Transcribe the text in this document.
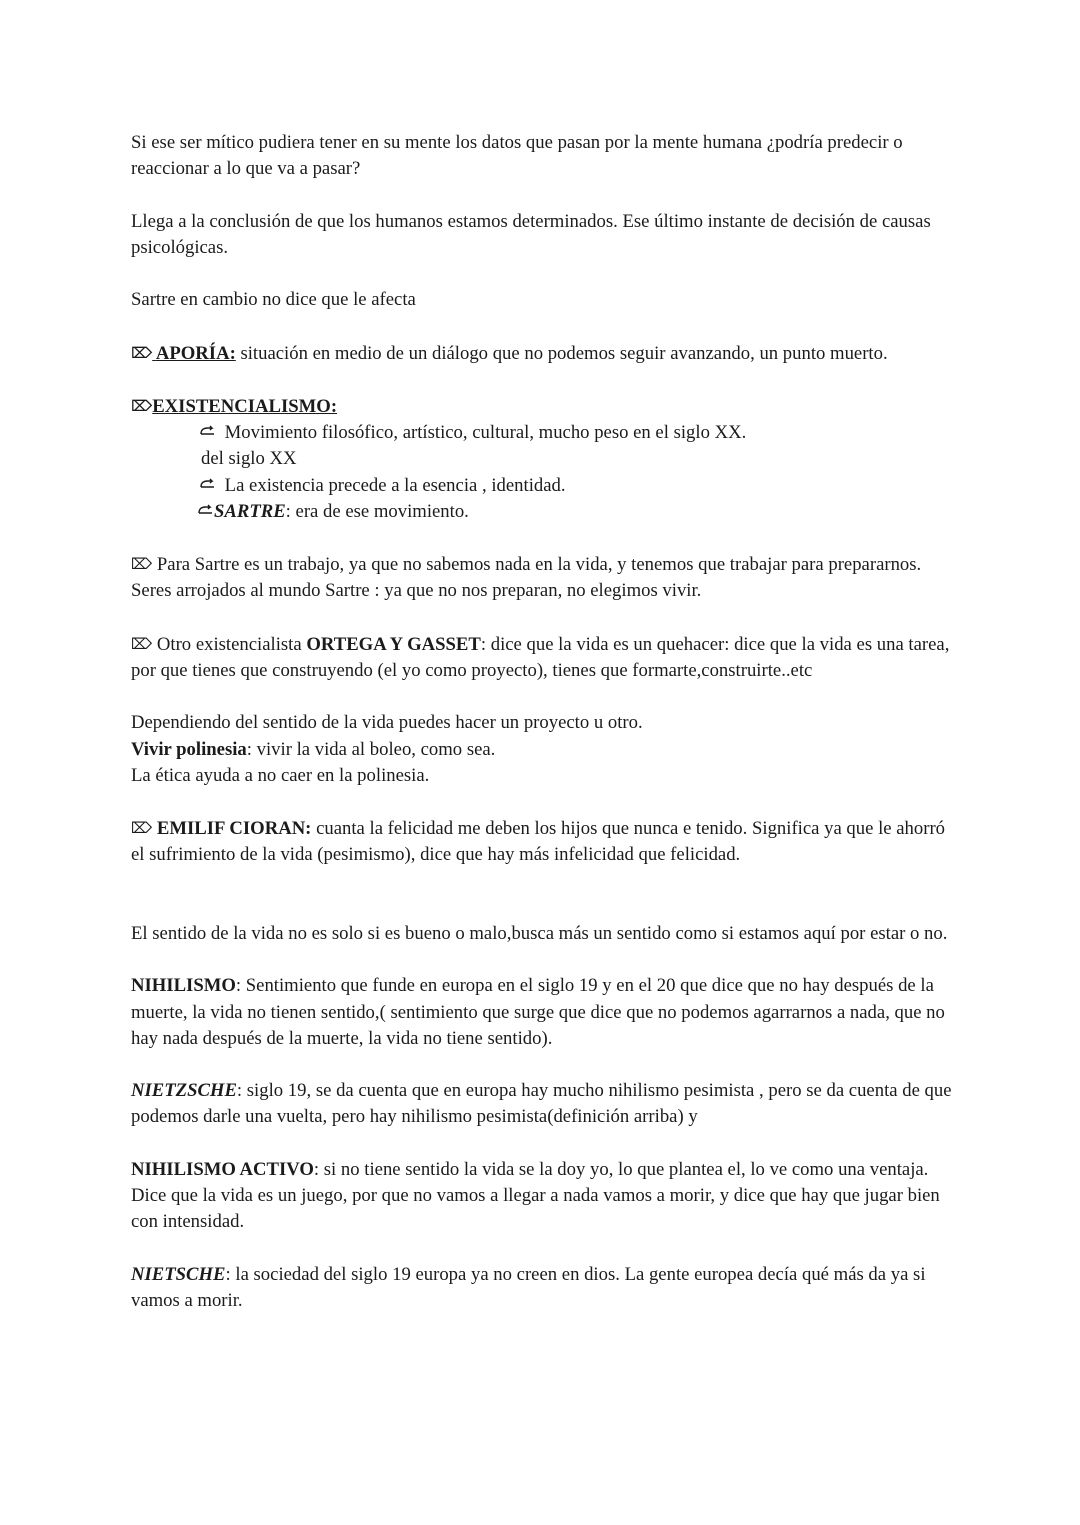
Si ese ser mítico pudiera tener en su mente los datos que pasan por la mente humana ¿podría predecir o reaccionar a lo que va a pasar?

Llega a la conclusión de que los humanos estamos determinados. Ese último instante de decisión de causas psicológicas.

Sartre en cambio no dice que le afecta

⌦ APORÍA: situación en medio de un diálogo que no podemos seguir avanzando, un punto muerto.

⌦EXISTENCIALISMO:
Movimiento filosófico, artístico, cultural, mucho peso en el siglo XX.
del siglo XX
La existencia precede a la esencia , identidad.
SARTRE: era de ese movimiento.

⌦ Para Sartre es un trabajo, ya que no sabemos nada en la vida, y tenemos que trabajar para prepararnos. Seres arrojados al mundo Sartre : ya que no nos preparan, no elegimos vivir.

⌦ Otro existencialista ORTEGA Y GASSET: dice que la vida es un quehacer: dice que la vida es una tarea, por que tienes que construyendo (el yo como proyecto), tienes que formarte,construirte..etc

Dependiendo del sentido de la vida puedes hacer un proyecto u otro.

Vivir polinesia: vivir la vida al boleo, como sea.

La ética ayuda a no caer en la polinesia.

⌦ EMILIF CIORAN: cuanta la felicidad me deben los hijos que nunca e tenido. Significa ya que le ahorró el sufrimiento de la vida (pesimismo), dice que hay más infelicidad que felicidad.

El sentido de la vida no es solo si es bueno o malo,busca más un sentido como si estamos aquí por estar o no.

NIHILISMO: Sentimiento que funde en europa en el siglo 19 y en el 20 que dice que no hay después de la muerte, la vida no tienen sentido,( sentimiento que surge que dice que no podemos agarrarnos a nada, que no hay nada después de la muerte, la vida no tiene sentido).

NIETZSCHE: siglo 19, se da cuenta que en europa hay mucho nihilismo pesimista , pero se da cuenta de que podemos darle una vuelta, pero hay nihilismo pesimista(definición arriba) y

NIHILISMO ACTIVO: si no tiene sentido la vida se la doy yo, lo que plantea el, lo ve como una ventaja. Dice que la vida es un juego, por que no vamos a llegar a nada vamos a morir, y dice que hay que jugar bien con intensidad.

NIETSCHE: la sociedad del siglo 19 europa ya no creen en dios. La gente europea decía qué más da ya si vamos a morir.
